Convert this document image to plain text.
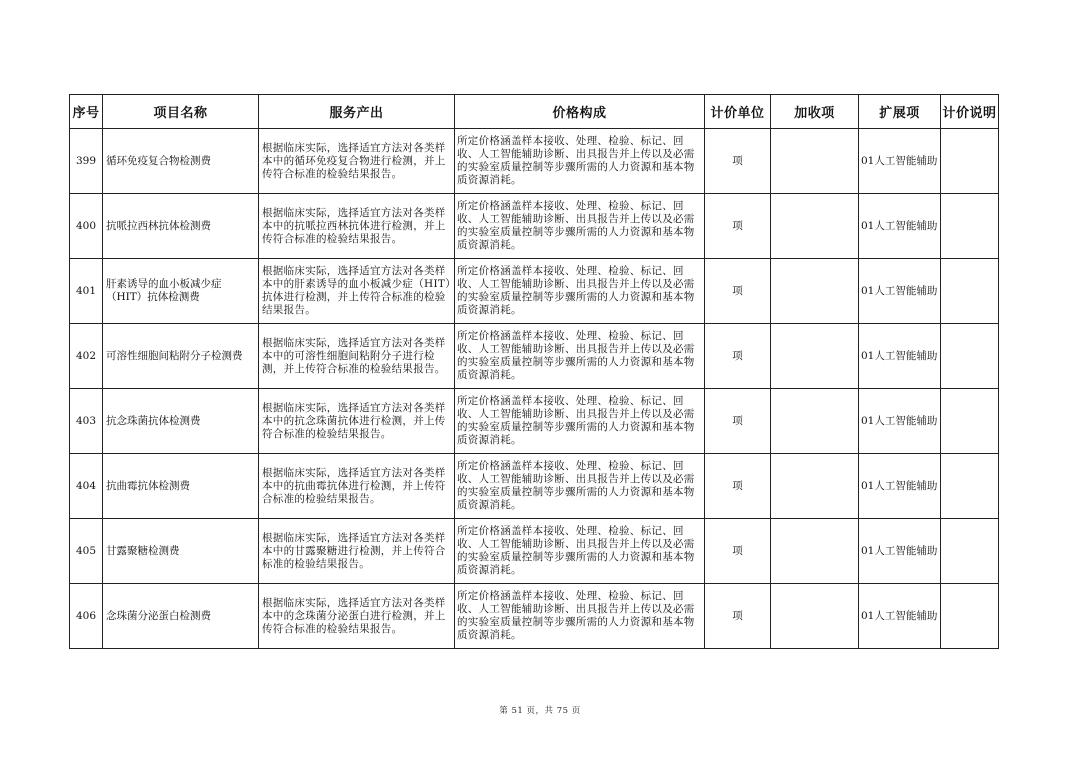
序号	项目名称	服务产出	价格构成	计价单位	加收项	扩展项	计价说明
399	循环免疫复合物检测费	根据临床实际，选择适宜方法对各类样本中的循环免疫复合物进行检测，并上传符合标准的检验结果报告。	所定价格涵盖样本接收、处理、检验、标记、回收、人工智能辅助诊断、出具报告并上传以及必需的实验室质量控制等步骤所需的人力资源和基本物质资源消耗。	项		01人工智能辅助	
400	抗哌拉西林抗体检测费	根据临床实际，选择适宜方法对各类样本中的抗哌拉西林抗体进行检测，并上传符合标准的检验结果报告。	所定价格涵盖样本接收、处理、检验、标记、回收、人工智能辅助诊断、出具报告并上传以及必需的实验室质量控制等步骤所需的人力资源和基本物质资源消耗。	项		01人工智能辅助	
401	肝素诱导的血小板减少症（HIT）抗体检测费	根据临床实际，选择适宜方法对各类样本中的肝素诱导的血小板减少症（HIT）抗体进行检测，并上传符合标准的检验结果报告。	所定价格涵盖样本接收、处理、检验、标记、回收、人工智能辅助诊断、出具报告并上传以及必需的实验室质量控制等步骤所需的人力资源和基本物质资源消耗。	项		01人工智能辅助	
402	可溶性细胞间粘附分子检测费	根据临床实际，选择适宜方法对各类样本中的可溶性细胞间粘附分子进行检测，并上传符合标准的检验结果报告。	所定价格涵盖样本接收、处理、检验、标记、回收、人工智能辅助诊断、出具报告并上传以及必需的实验室质量控制等步骤所需的人力资源和基本物质资源消耗。	项		01人工智能辅助	
403	抗念珠菌抗体检测费	根据临床实际，选择适宜方法对各类样本中的抗念珠菌抗体进行检测，并上传符合标准的检验结果报告。	所定价格涵盖样本接收、处理、检验、标记、回收、人工智能辅助诊断、出具报告并上传以及必需的实验室质量控制等步骤所需的人力资源和基本物质资源消耗。	项		01人工智能辅助	
404	抗曲霉抗体检测费	根据临床实际，选择适宜方法对各类样本中的抗曲霉抗体进行检测，并上传符合标准的检验结果报告。	所定价格涵盖样本接收、处理、检验、标记、回收、人工智能辅助诊断、出具报告并上传以及必需的实验室质量控制等步骤所需的人力资源和基本物质资源消耗。	项		01人工智能辅助	
405	甘露聚糖检测费	根据临床实际，选择适宜方法对各类样本中的甘露聚糖进行检测，并上传符合标准的检验结果报告。	所定价格涵盖样本接收、处理、检验、标记、回收、人工智能辅助诊断、出具报告并上传以及必需的实验室质量控制等步骤所需的人力资源和基本物质资源消耗。	项		01人工智能辅助	
406	念珠菌分泌蛋白检测费	根据临床实际，选择适宜方法对各类样本中的念珠菌分泌蛋白进行检测，并上传符合标准的检验结果报告。	所定价格涵盖样本接收、处理、检验、标记、回收、人工智能辅助诊断、出具报告并上传以及必需的实验室质量控制等步骤所需的人力资源和基本物质资源消耗。	项		01人工智能辅助	
第 51 页，共 75 页
